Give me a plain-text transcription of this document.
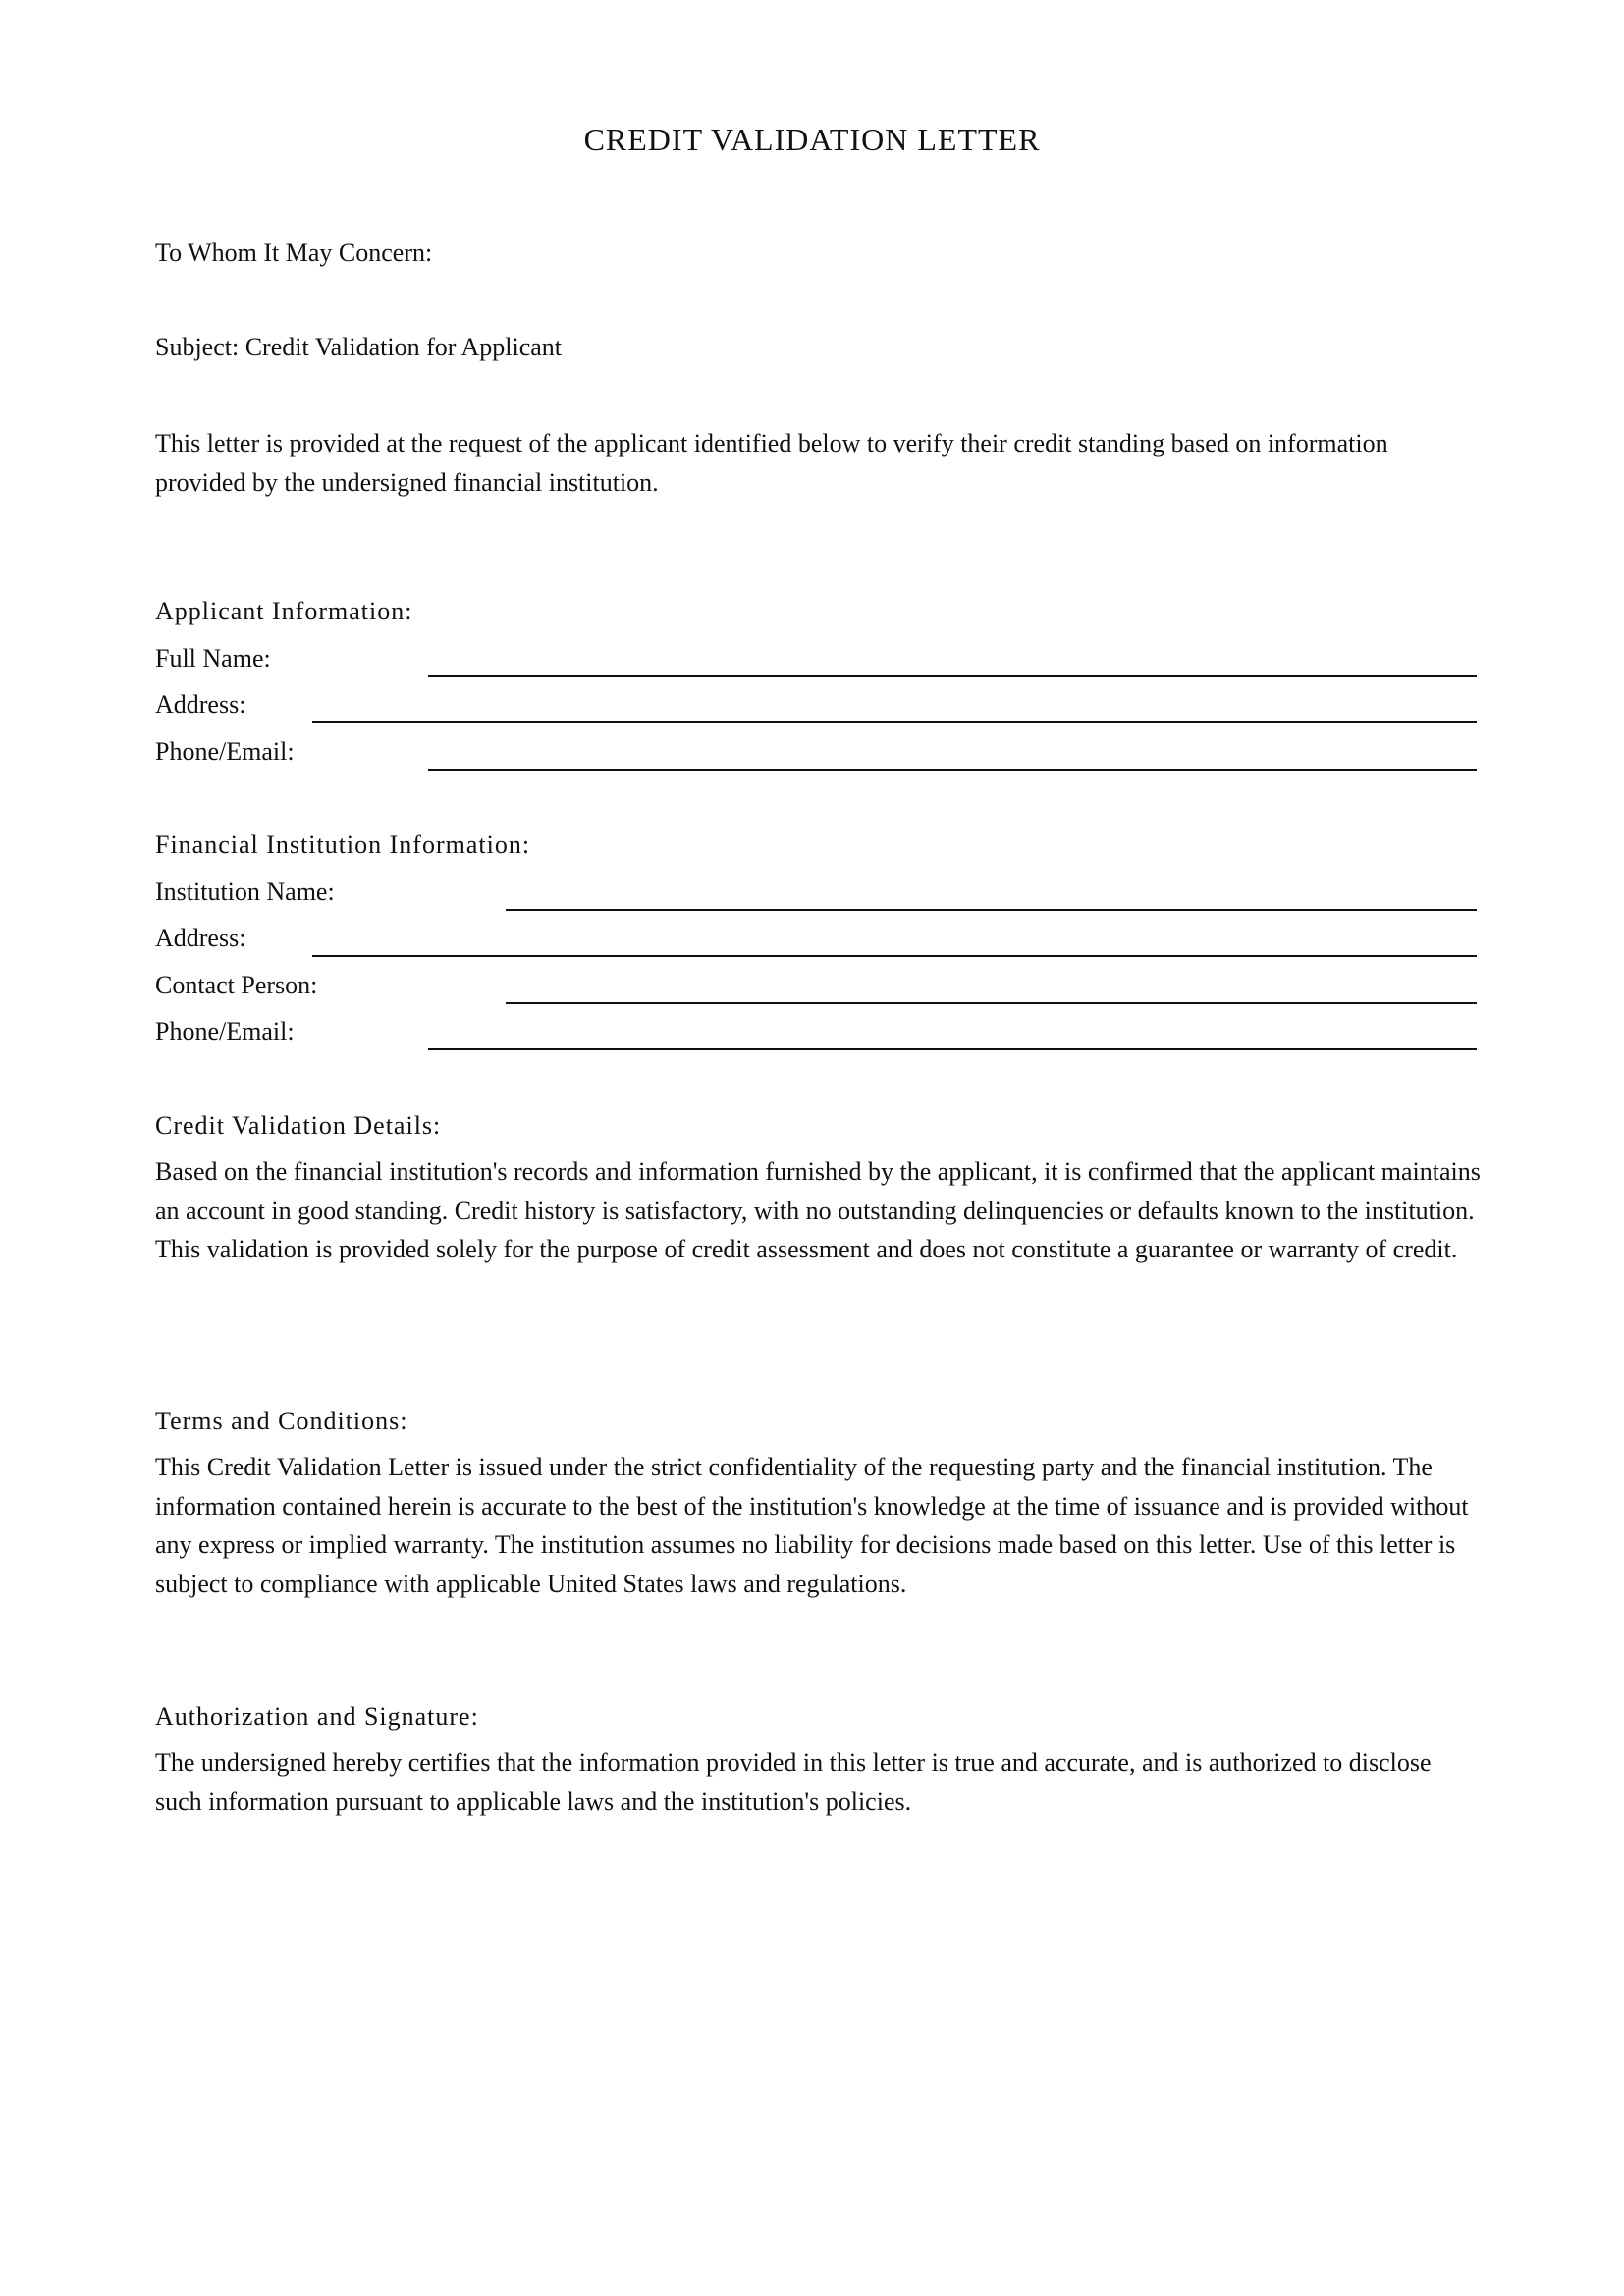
CREDIT VALIDATION LETTER
To Whom It May Concern:
Subject: Credit Validation for Applicant
This letter is provided at the request of the applicant identified below to verify their credit standing based on information provided by the undersigned financial institution.
Applicant Information:
Full Name:
Address:
Phone/Email:
Financial Institution Information:
Institution Name:
Address:
Contact Person:
Phone/Email:
Credit Validation Details:
Based on the financial institution's records and information furnished by the applicant, it is confirmed that the applicant maintains an account in good standing. Credit history is satisfactory, with no outstanding delinquencies or defaults known to the institution. This validation is provided solely for the purpose of credit assessment and does not constitute a guarantee or warranty of credit.
Terms and Conditions:
This Credit Validation Letter is issued under the strict confidentiality of the requesting party and the financial institution. The information contained herein is accurate to the best of the institution's knowledge at the time of issuance and is provided without any express or implied warranty. The institution assumes no liability for decisions made based on this letter. Use of this letter is subject to compliance with applicable United States laws and regulations.
Authorization and Signature:
The undersigned hereby certifies that the information provided in this letter is true and accurate, and is authorized to disclose such information pursuant to applicable laws and the institution's policies.
